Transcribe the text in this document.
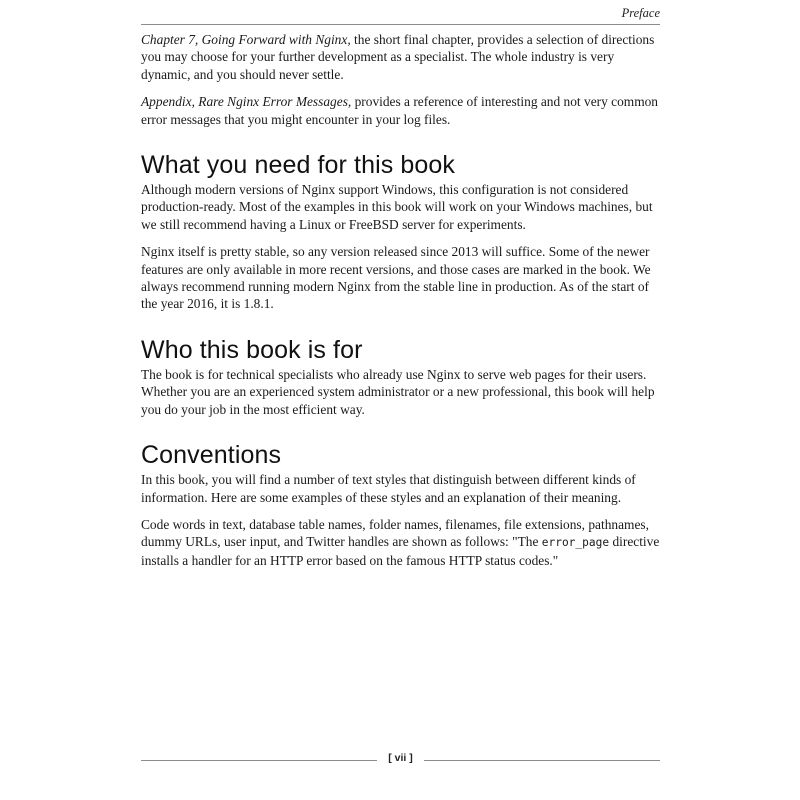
Preface

Chapter 7, Going Forward with Nginx, the short final chapter, provides a selection of directions you may choose for your further development as a specialist. The whole industry is very dynamic, and you should never settle.

Appendix, Rare Nginx Error Messages, provides a reference of interesting and not very common error messages that you might encounter in your log files.

What you need for this book

Although modern versions of Nginx support Windows, this configuration is not considered production-ready. Most of the examples in this book will work on your Windows machines, but we still recommend having a Linux or FreeBSD server for experiments.

Nginx itself is pretty stable, so any version released since 2013 will suffice. Some of the newer features are only available in more recent versions, and those cases are marked in the book. We always recommend running modern Nginx from the stable line in production. As of the start of the year 2016, it is 1.8.1.

Who this book is for

The book is for technical specialists who already use Nginx to serve web pages for their users. Whether you are an experienced system administrator or a new professional, this book will help you do your job in the most efficient way.

Conventions

In this book, you will find a number of text styles that distinguish between different kinds of information. Here are some examples of these styles and an explanation of their meaning.

Code words in text, database table names, folder names, filenames, file extensions, pathnames, dummy URLs, user input, and Twitter handles are shown as follows: "The error_page directive installs a handler for an HTTP error based on the famous HTTP status codes."

[ vii ]
